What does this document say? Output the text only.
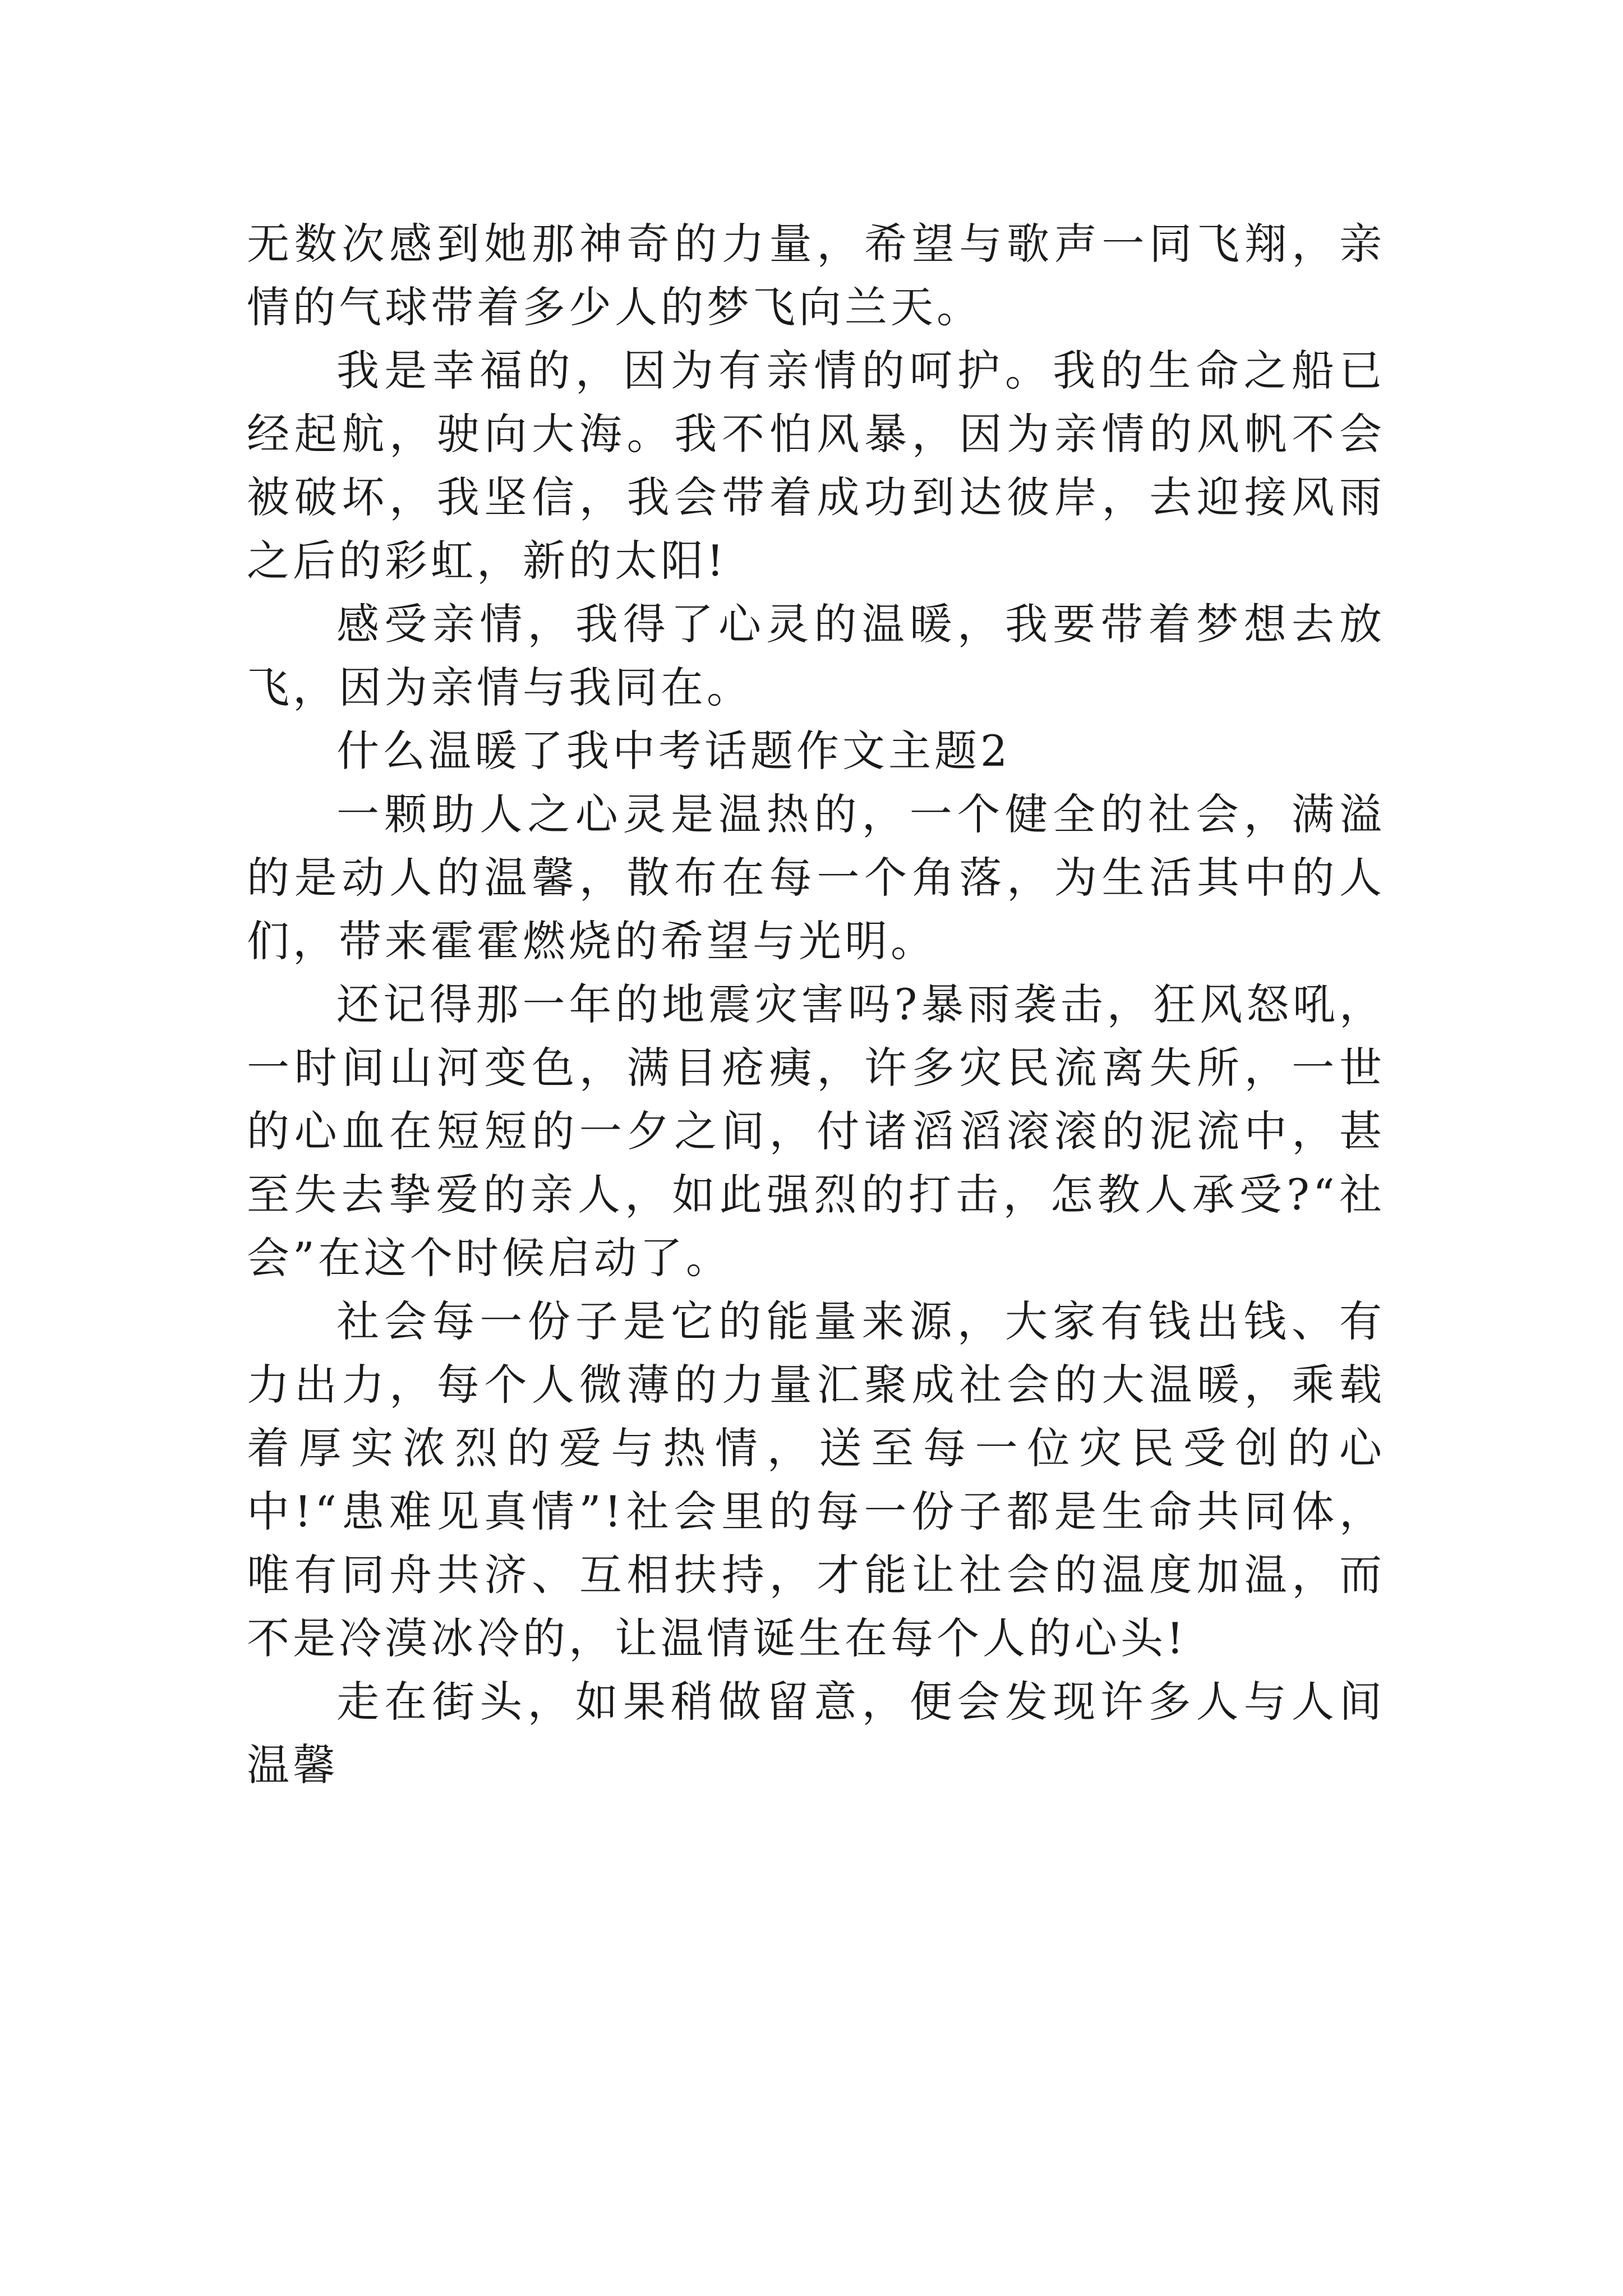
无数次感到她那神奇的力量，希望与歌声一同飞翔，亲情的气球带着多少人的梦飞向兰天。

我是幸福的，因为有亲情的呵护。我的生命之船已经起航，驶向大海。我不怕风暴，因为亲情的风帆不会被破坏，我坚信，我会带着成功到达彼岸，去迎接风雨之后的彩虹，新的太阳!

感受亲情，我得了心灵的温暖，我要带着梦想去放飞，因为亲情与我同在。

什么温暖了我中考话题作文主题2

一颗助人之心灵是温热的，一个健全的社会，满溢的是动人的温馨，散布在每一个角落，为生活其中的人们，带来霍霍燃烧的希望与光明。

还记得那一年的地震灾害吗?暴雨袭击，狂风怒吼，一时间山河变色，满目疮痍，许多灾民流离失所，一世的心血在短短的一夕之间，付诸滔滔滚滚的泥流中，甚至失去挚爱的亲人，如此强烈的打击，怎教人承受?“社会”在这个时候启动了。

社会每一份子是它的能量来源，大家有钱出钱、有力出力，每个人微薄的力量汇聚成社会的大温暖，乘载着厚实浓烈的爱与热情，送至每一位灾民受创的心中!“患难见真情”!社会里的每一份子都是生命共同体，唯有同舟共济、互相扶持，才能让社会的温度加温，而不是冷漠冰冷的，让温情诞生在每个人的心头!

走在街头，如果稍做留意，便会发现许多人与人间温馨
